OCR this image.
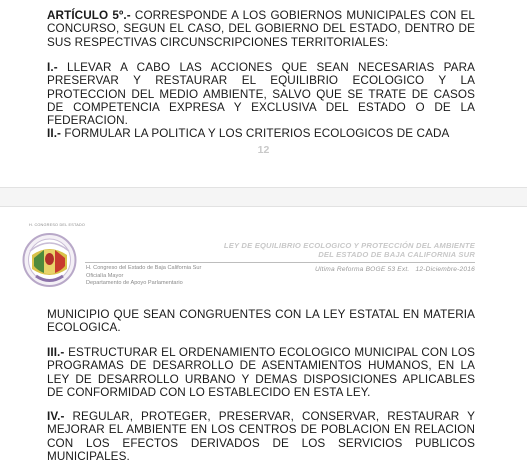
ARTÍCULO 5º.- CORRESPONDE A LOS GOBIERNOS MUNICIPALES CON EL CONCURSO, SEGUN EL CASO, DEL GOBIERNO DEL ESTADO, DENTRO DE SUS RESPECTIVAS CIRCUNSCRIPCIONES TERRITORIALES:

I.- LLEVAR A CABO LAS ACCIONES QUE SEAN NECESARIAS PARA PRESERVAR Y RESTAURAR EL EQUILIBRIO ECOLOGICO Y LA PROTECCION DEL MEDIO AMBIENTE, SALVO QUE SE TRATE DE CASOS DE COMPETENCIA EXPRESA Y EXCLUSIVA DEL ESTADO O DE LA FEDERACION.

II.- FORMULAR LA POLITICA Y LOS CRITERIOS ECOLOGICOS DE CADA

12
H. CONGRESO DEL ESTADO
LEY DE EQUILIBRIO ECOLOGICO Y PROTECCIÓN DEL AMBIENTE
DEL ESTADO DE BAJA CALIFORNIA SUR
H. Congreso del Estado de Baja California Sur
Oficialía Mayor
Departamento de Apoyo Parlamentario
Ultima Reforma BOGE 53 Ext. 12-Diciembre-2016

MUNICIPIO QUE SEAN CONGRUENTES CON LA LEY ESTATAL EN MATERIA ECOLOGICA.

III.- ESTRUCTURAR EL ORDENAMIENTO ECOLOGICO MUNICIPAL CON LOS PROGRAMAS DE DESARROLLO DE ASENTAMIENTOS HUMANOS, EN LA LEY DE DESARROLLO URBANO Y DEMAS DISPOSICIONES APLICABLES DE CONFORMIDAD CON LO ESTABLECIDO EN ESTA LEY.

IV.- REGULAR, PROTEGER, PRESERVAR, CONSERVAR, RESTAURAR Y MEJORAR EL AMBIENTE EN LOS CENTROS DE POBLACION EN RELACION CON LOS EFECTOS DERIVADOS DE LOS SERVICIOS PUBLICOS MUNICIPALES.
